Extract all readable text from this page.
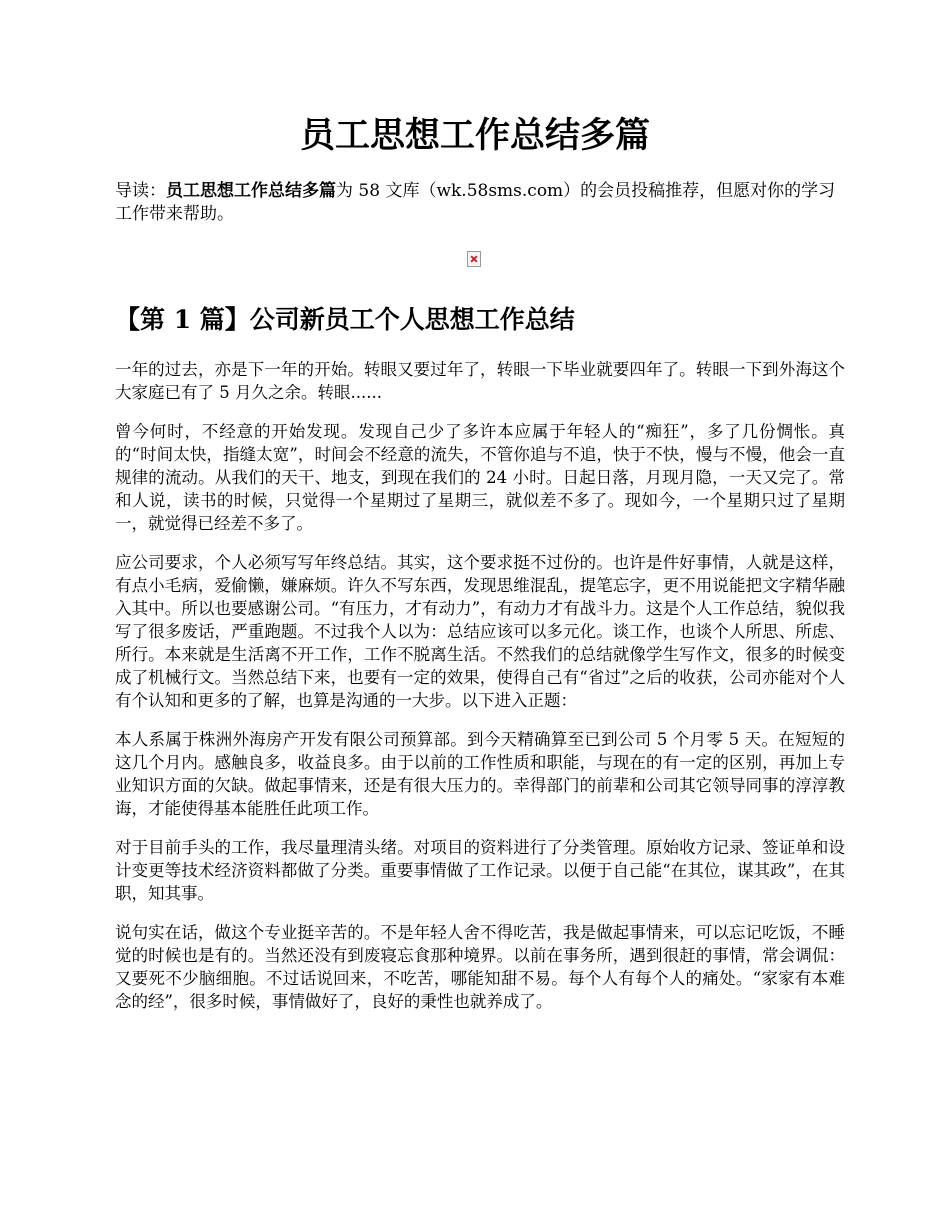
员工思想工作总结多篇

导读：员工思想工作总结多篇为 58 文库（wk.58sms.com）的会员投稿推荐，但愿对你的学习工作带来帮助。

【第 1 篇】公司新员工个人思想工作总结

一年的过去，亦是下一年的开始。转眼又要过年了，转眼一下毕业就要四年了。转眼一下到外海这个大家庭已有了 5 月久之余。转眼......

曾今何时，不经意的开始发现。发现自己少了多许本应属于年轻人的“痴狂”，多了几份惆怅。真的“时间太快，指缝太宽”，时间会不经意的流失，不管你追与不追，快于不快，慢与不慢，他会一直规律的流动。从我们的天干、地支，到现在我们的 24 小时。日起日落，月现月隐，一天又完了。常和人说，读书的时候，只觉得一个星期过了星期三，就似差不多了。现如今，一个星期只过了星期一，就觉得已经差不多了。

应公司要求，个人必须写写年终总结。其实，这个要求挺不过份的。也许是件好事情，人就是这样，有点小毛病，爱偷懒，嫌麻烦。许久不写东西，发现思维混乱，提笔忘字，更不用说能把文字精华融入其中。所以也要感谢公司。“有压力，才有动力”，有动力才有战斗力。这是个人工作总结，貌似我写了很多废话，严重跑题。不过我个人以为：总结应该可以多元化。谈工作，也谈个人所思、所虑、所行。本来就是生活离不开工作，工作不脱离生活。不然我们的总结就像学生写作文，很多的时候变成了机械行文。当然总结下来，也要有一定的效果，使得自己有“省过”之后的收获，公司亦能对个人有个认知和更多的了解，也算是沟通的一大步。以下进入正题：

本人系属于株洲外海房产开发有限公司预算部。到今天精确算至已到公司 5 个月零 5 天。在短短的这几个月内。感触良多，收益良多。由于以前的工作性质和职能，与现在的有一定的区别，再加上专业知识方面的欠缺。做起事情来，还是有很大压力的。幸得部门的前辈和公司其它领导同事的淳淳教诲，才能使得基本能胜任此项工作。

对于目前手头的工作，我尽量理清头绪。对项目的资料进行了分类管理。原始收方记录、签证单和设计变更等技术经济资料都做了分类。重要事情做了工作记录。以便于自己能“在其位，谋其政”，在其职，知其事。

说句实在话，做这个专业挺辛苦的。不是年轻人舍不得吃苦，我是做起事情来，可以忘记吃饭，不睡觉的时候也是有的。当然还没有到废寝忘食那种境界。以前在事务所，遇到很赶的事情，常会调侃：又要死不少脑细胞。不过话说回来，不吃苦，哪能知甜不易。每个人有每个人的痛处。“家家有本难念的经”，很多时候，事情做好了，良好的秉性也就养成了。
